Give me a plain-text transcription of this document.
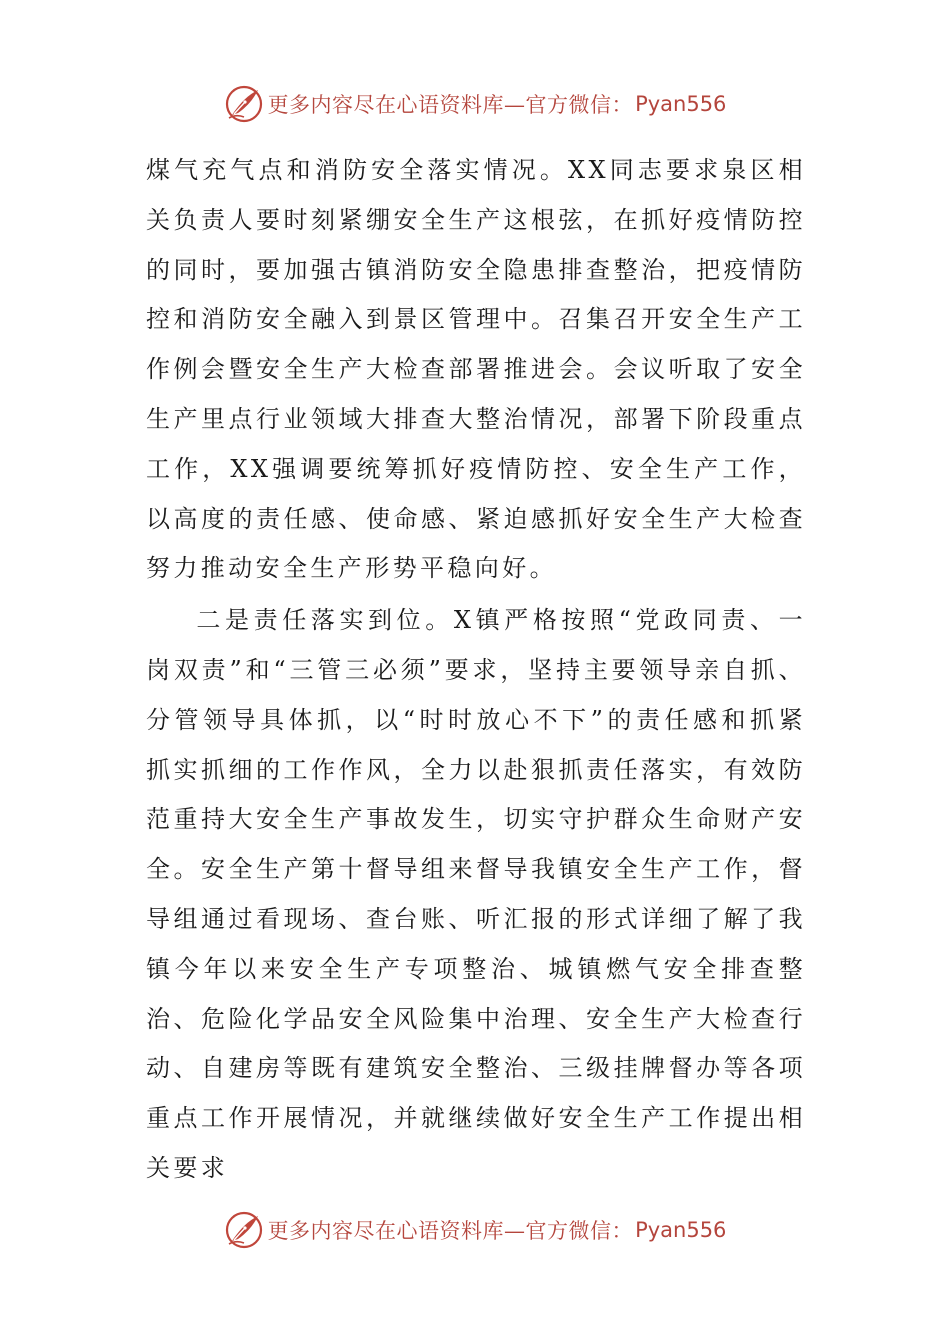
更多内容尽在心语资料库—官方微信： Pyan556

煤气充气点和消防安全落实情况。XX同志要求泉区相关负责人要时刻紧绷安全生产这根弦，在抓好疫情防控的同时，要加强古镇消防安全隐患排查整治，把疫情防控和消防安全融入到景区管理中。召集召开安全生产工作例会暨安全生产大检查部署推进会。会议听取了安全生产里点行业领域大排查大整治情况，部署下阶段重点工作，XX强调要统筹抓好疫情防控、安全生产工作，以高度的责任感、使命感、紧迫感抓好安全生产大检查努力推动安全生产形势平稳向好。

二是责任落实到位。X镇严格按照“党政同责、一岗双责”和“三管三必须”要求，坚持主要领导亲自抓、分管领导具体抓，以“时时放心不下”的责任感和抓紧抓实抓细的工作作风，全力以赴狠抓责任落实，有效防范重持大安全生产事故发生，切实守护群众生命财产安全。安全生产第十督导组来督导我镇安全生产工作，督导组通过看现场、查台账、听汇报的形式详细了解了我镇今年以来安全生产专项整治、城镇燃气安全排查整治、危险化学品安全风险集中治理、安全生产大检查行动、自建房等既有建筑安全整治、三级挂牌督办等各项重点工作开展情况，并就继续做好安全生产工作提出相关要求

更多内容尽在心语资料库—官方微信： Pyan556
